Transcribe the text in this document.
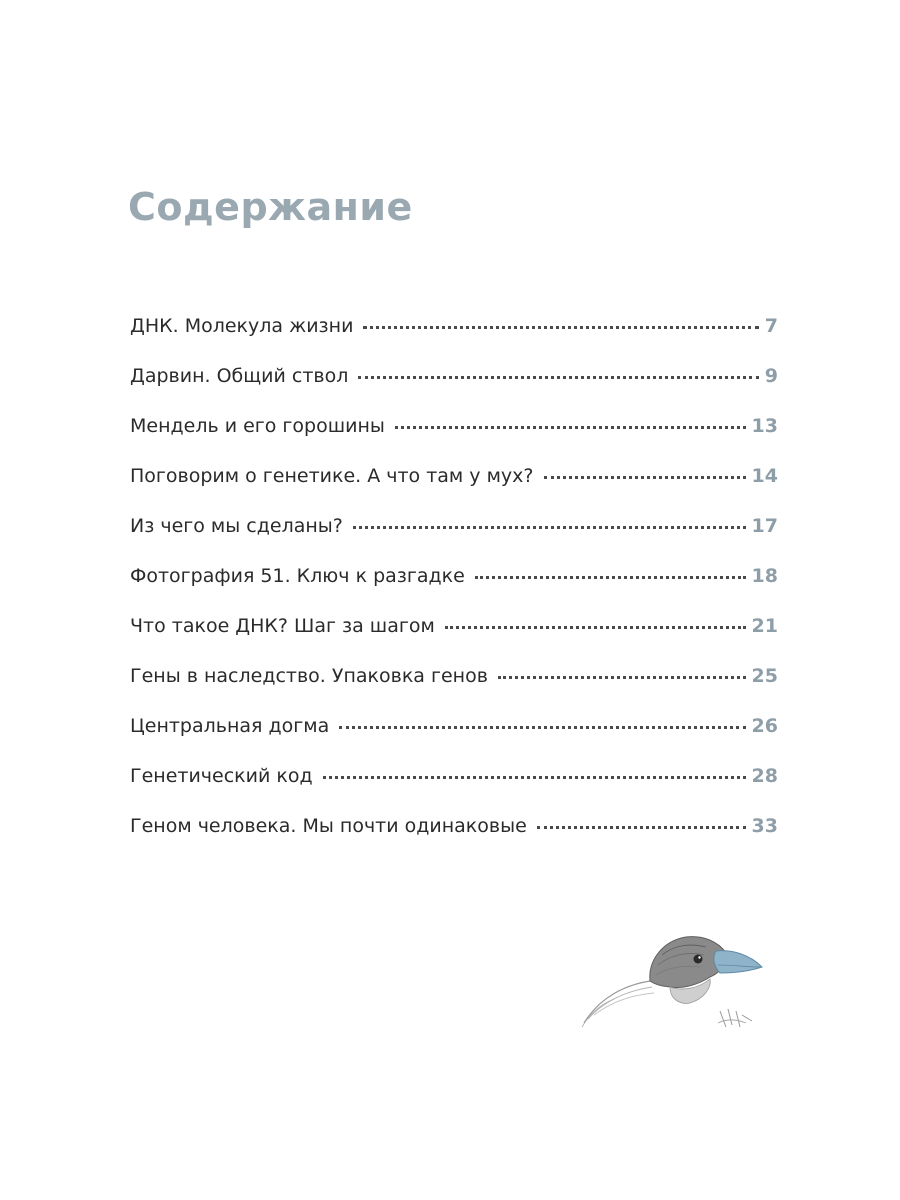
Содержание
ДНК. Молекула жизни	7
Дарвин. Общий ствол	9
Мендель и его горошины	13
Поговорим о генетике. А что там у мух?	14
Из чего мы сделаны?	17
Фотография 51. Ключ к разгадке	18
Что такое ДНК? Шаг за шагом	21
Гены в наследство. Упаковка генов	25
Центральная догма	26
Генетический код	28
Геном человека. Мы почти одинаковые	33
